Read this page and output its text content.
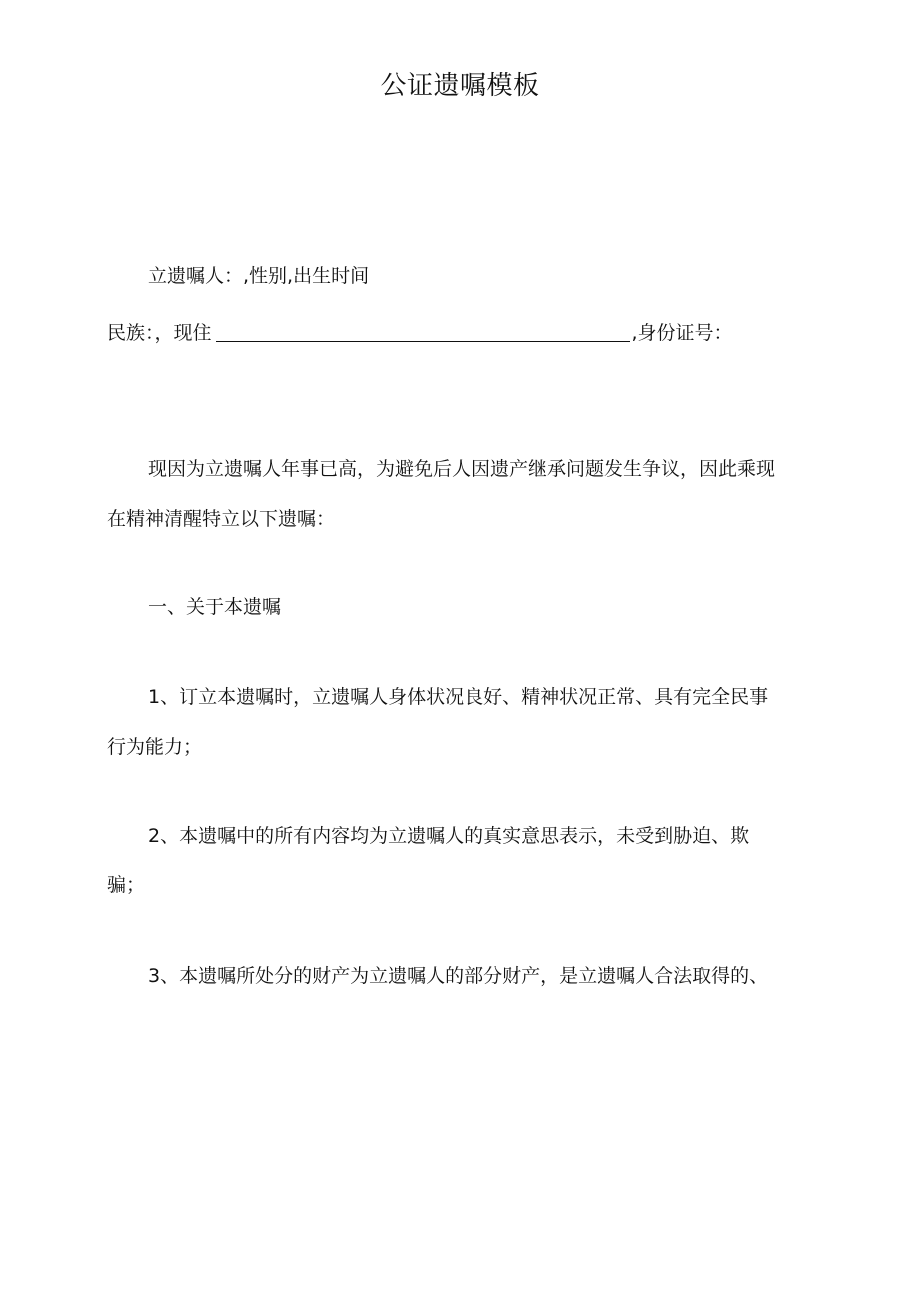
公证遗嘱模板
立遗嘱人：,性别,出生时间
民族：，现住	,身份证号：
现因为立遗嘱人年事已高，为避免后人因遗产继承问题发生争议，因此乘现
在精神清醒特立以下遗嘱：
一、关于本遗嘱
1、订立本遗嘱时，立遗嘱人身体状况良好、精神状况正常、具有完全民事
行为能力；
2、本遗嘱中的所有内容均为立遗嘱人的真实意思表示，未受到胁迫、欺
骗；
3、本遗嘱所处分的财产为立遗嘱人的部分财产，是立遗嘱人合法取得的、
